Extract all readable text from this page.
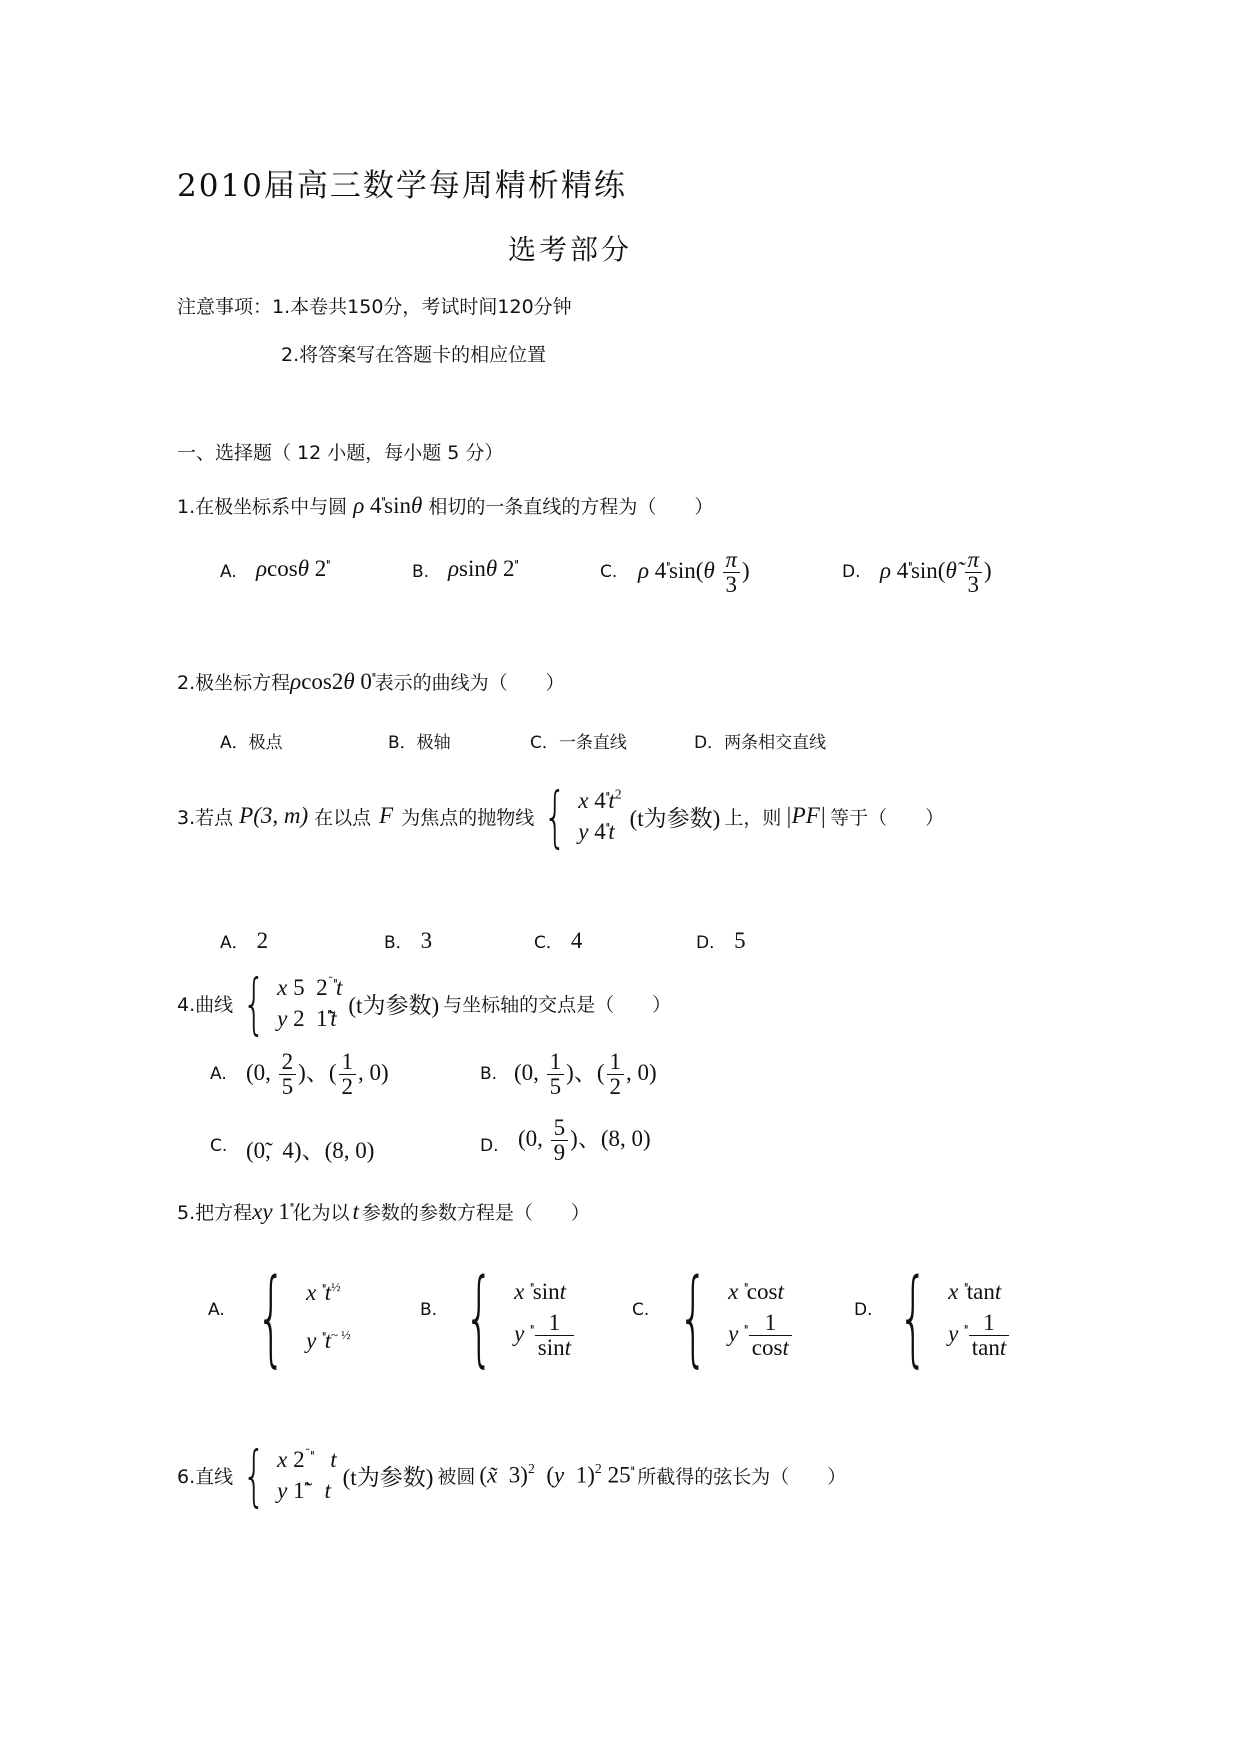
2010届高三数学每周精析精练
选考部分
注意事项：1.本卷共150分，考试时间120分钟
2.将答案写在答题卡的相应位置
一、选择题（ 12 小题，每小题 5 分）
1.在极坐标系中与圆 ρ $^ײ$4sinθ 相切的一条直线的方程为（　　）
A. ρcosθ $^ײ$2	B. ρsinθ $^ײ$2	C. ρ $^ײ4\sin(\theta \frac{\pi}{3}$ )	D. ρ $^ײ$4sin(θ̃ $\frac{\pi}{3}$ )
2.极坐标方程ρcos2θ $^ײ$0 表示的曲线为（　　）
A．极点	B．极轴	C．一条直线	D．两条相交直线
3.若点 P(3, m) 在以点 F 为焦点的抛物线 { x $^ײ$4 $t^2$
y $^ײ$4 t
(t为参数) 上，则 |PF| 等于（　　）
A． 2	B． 3	C． 4	D． 5
4.曲线 { x	$^{ײ̃}$ 2  5 t
y	$^ײ$1̃  2 t
(t为参数) 与坐标轴的交点是（　　）
A. (0, $\frac{2}{5}$ )、( $\frac{1}{2}$ , 0)	B. (0, $\frac{1}{5}$ )、( $\frac{1}{2}$ , 0)
C. (0̃,  4)、(8, 0)	D. (0, $\frac{5}{9}$ )、(8, 0)
5.把方程xy $^ײ$1 化为以 t 参数的参数方程是（　　）
A. { x $^ײt^{\frac{1}{2}}$
y $^ײt^{\sim \frac{1}{2}}$
B. { x $^ײ$sint
y $^ײ \frac{1}{\sin t}$
C. { x $^ײ$cost
y $^ײ \frac{1}{\cos t}$
D. { x $^ײ$tant
y $^ײ \frac{1}{\tan t}$
6.直线 { x $^{ײ̃}$ 2   t
y $^ײ$1̃   t
(t为参数) 被圆 (x̃  3)$^2$  (y  1)$^2$	$^ײ$25 所截得的弦长为（　　）
